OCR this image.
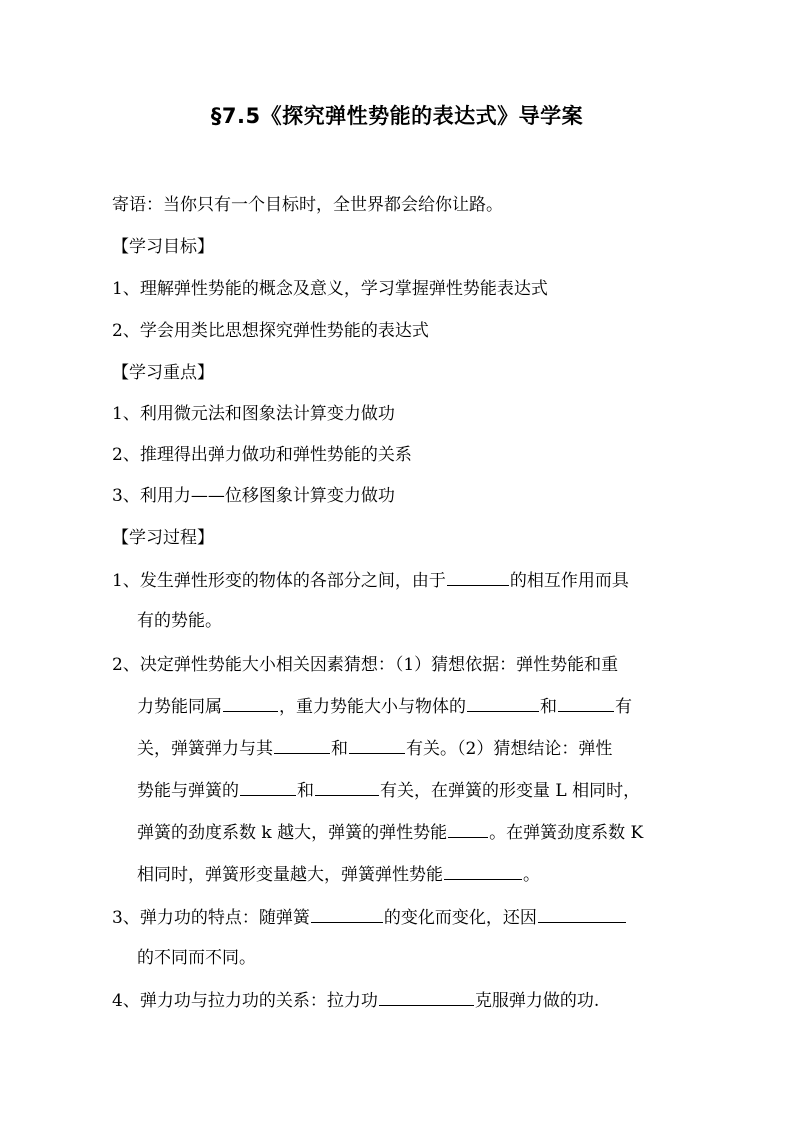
§7.5《探究弹性势能的表达式》导学案
寄语：当你只有一个目标时，全世界都会给你让路。
【学习目标】
1、理解弹性势能的概念及意义，学习掌握弹性势能表达式
2、学会用类比思想探究弹性势能的表达式
【学习重点】
1、利用微元法和图象法计算变力做功
2、推理得出弹力做功和弹性势能的关系
3、利用力——位移图象计算变力做功
【学习过程】
1、发生弹性形变的物体的各部分之间，由于	的相互作用而具
有的势能。
2、决定弹性势能大小相关因素猜想：（1）猜想依据：弹性势能和重
力势能同属	，重力势能大小与物体的	和	有
关，弹簧弹力与其	和	有关。（2）猜想结论：弹性
势能与弹簧的	和	有关，在弹簧的形变量 L 相同时，
弹簧的劲度系数 k 越大，弹簧的弹性势能 。在弹簧劲度系数 K
相同时，弹簧形变量越大，弹簧弹性势能	。
3、弹力功的特点：随弹簧	的变化而变化，还因
的不同而不同。
4、弹力功与拉力功的关系：拉力功	克服弹力做的功.
